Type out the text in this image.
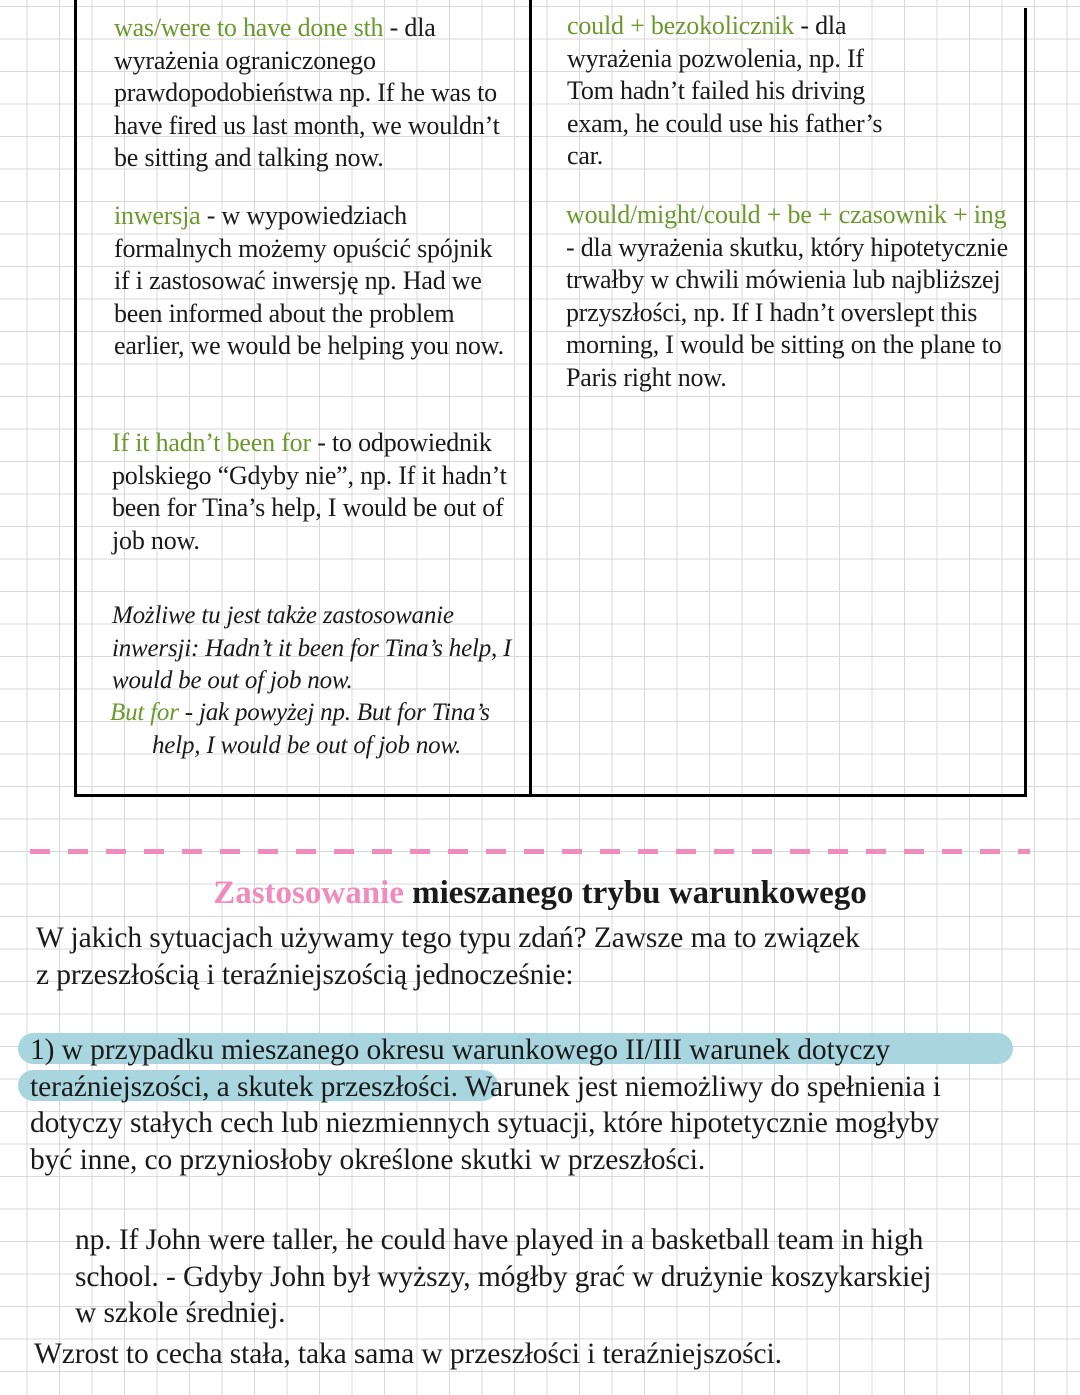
was/were to have done sth - dla wyrażenia ograniczonego prawdopodobieństwa np. If he was to have fired us last month, we wouldn’t be sitting and talking now.

inwersja - w wypowiedziach formalnych możemy opuścić spójnik if i zastosować inwersję np. Had we been informed about the problem earlier, we would be helping you now.

If it hadn’t been for - to odpowiednik polskiego “Gdyby nie”, np. If it hadn’t been for Tina’s help, I would be out of job now.

Możliwe tu jest także zastosowanie inwersji: Hadn’t it been for Tina’s help, I would be out of job now.

But for - jak powyżej np. But for Tina’s help, I would be out of job now.

could + bezokolicznik - dla wyrażenia pozwolenia, np. If Tom hadn’t failed his driving exam, he could use his father’s car.

would/might/could + be + czasownik + ing - dla wyrażenia skutku, który hipotetycznie trwałby w chwili mówienia lub najbliższej przyszłości, np. If I hadn’t overslept this morning, I would be sitting on the plane to Paris right now.

Zastosowanie mieszanego trybu warunkowego

W jakich sytuacjach używamy tego typu zdań? Zawsze ma to związek

z przeszłością i teraźniejszością jednocześnie:

1) w przypadku mieszanego okresu warunkowego II/III warunek dotyczy

teraźniejszości, a skutek przeszłości. Warunek jest niemożliwy do spełnienia i

dotyczy stałych cech lub niezmiennych sytuacji, które hipotetycznie mogłyby

być inne, co przyniosłoby określone skutki w przeszłości.

np. If John were taller, he could have played in a basketball team in high

school. - Gdyby John był wyższy, mógłby grać w drużynie koszykarskiej

w szkole średniej.

Wzrost to cecha stała, taka sama w przeszłości i teraźniejszości.
